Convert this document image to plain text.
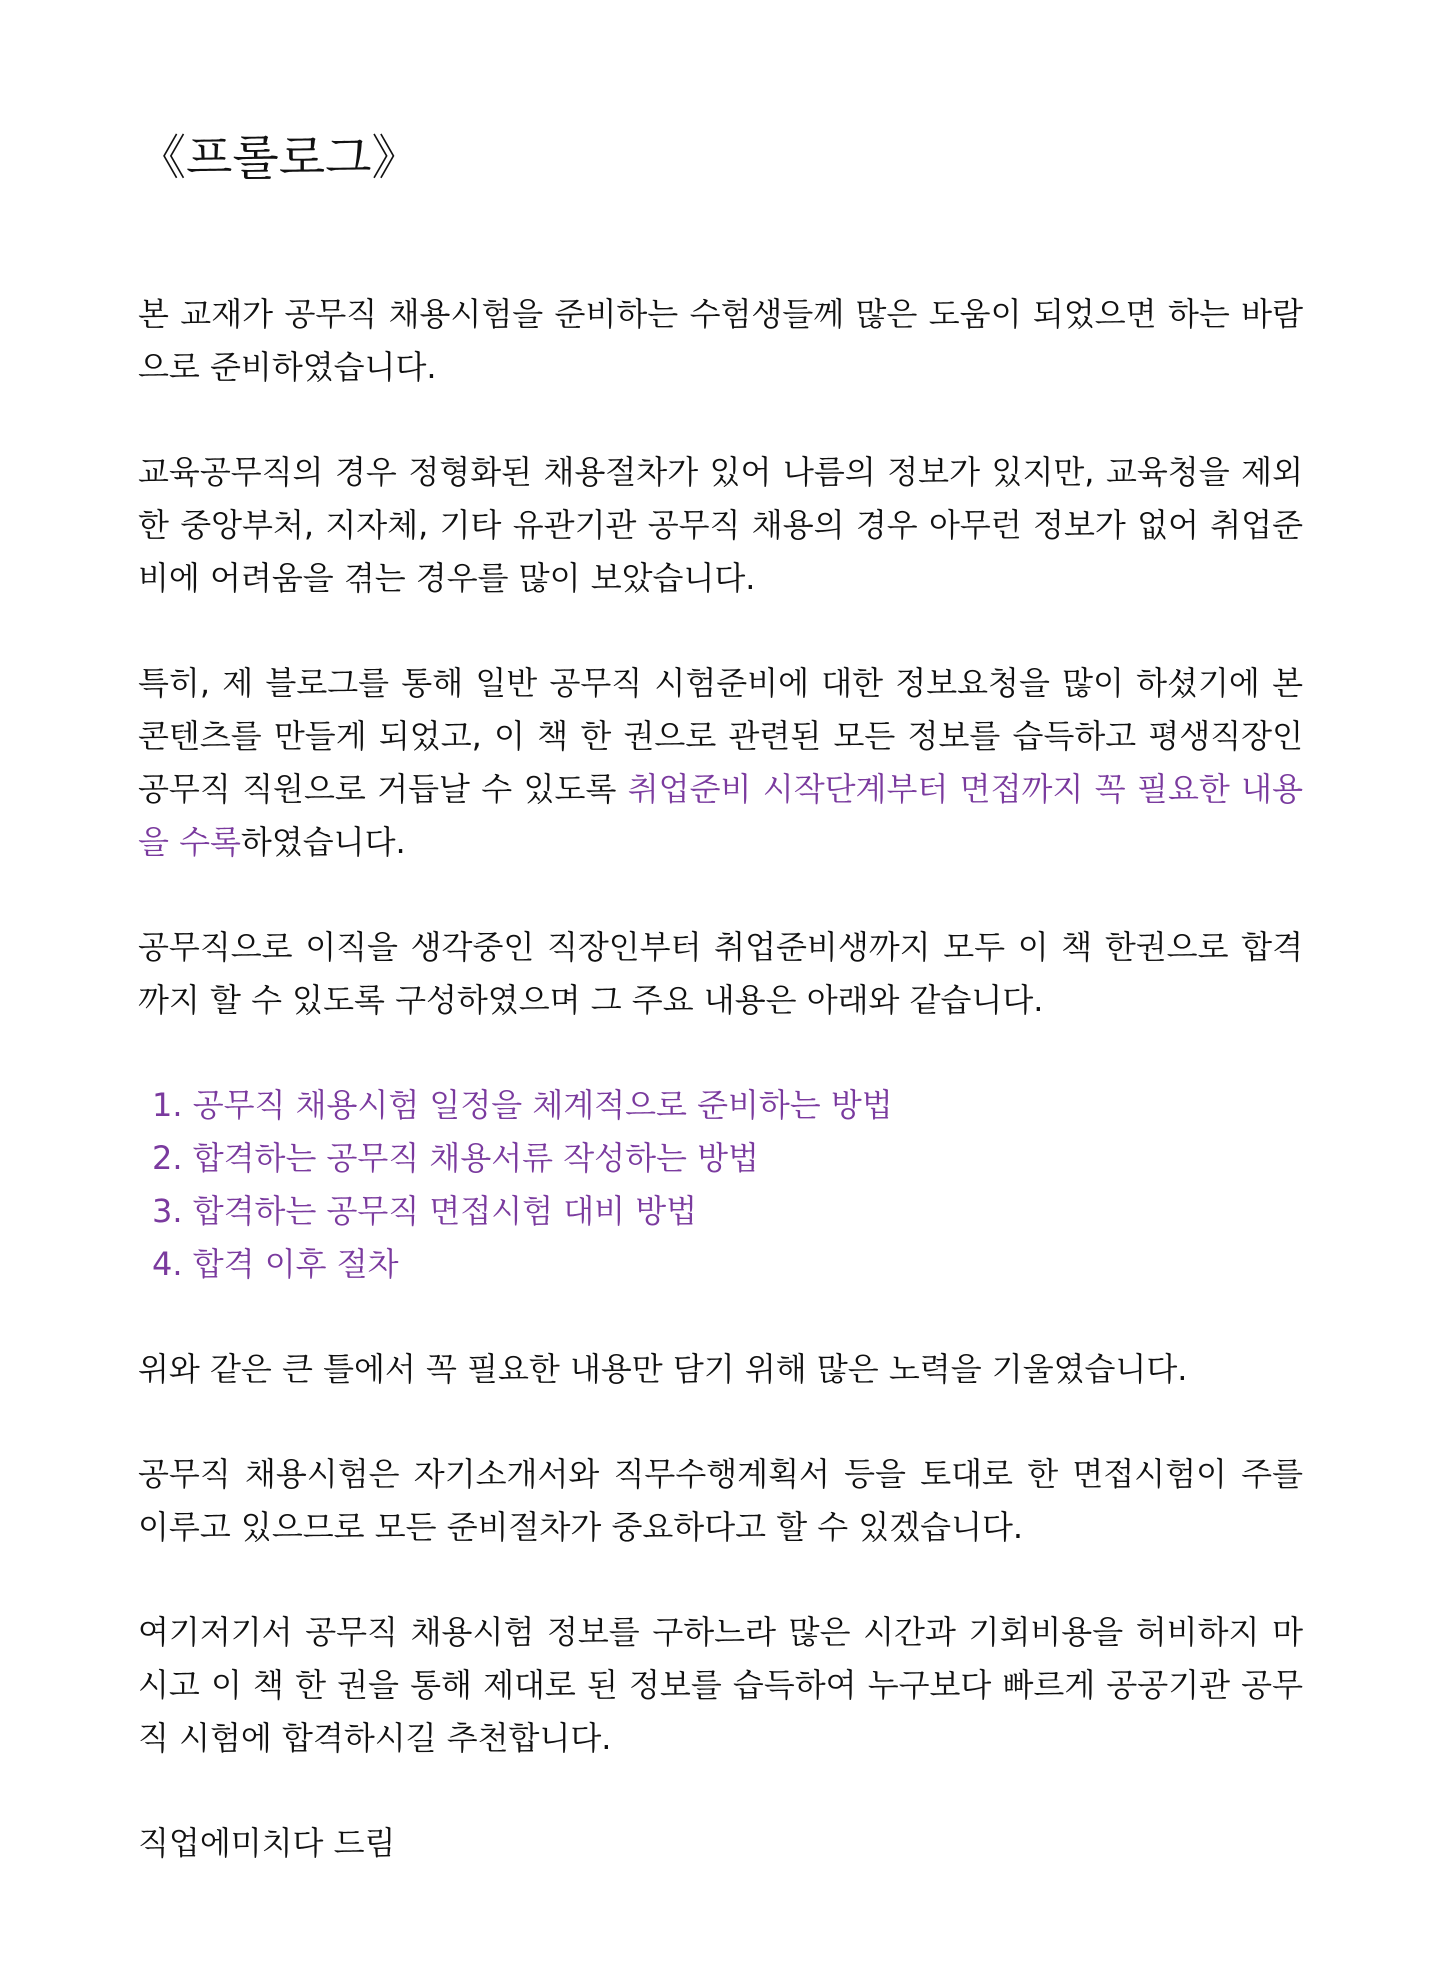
《프롤로그》

본 교재가 공무직 채용시험을 준비하는 수험생들께 많은 도움이 되었으면 하는 바람으로 준비하였습니다.

교육공무직의 경우 정형화된 채용절차가 있어 나름의 정보가 있지만, 교육청을 제외한 중앙부처, 지자체, 기타 유관기관 공무직 채용의 경우 아무런 정보가 없어 취업준비에 어려움을 겪는 경우를 많이 보았습니다.

특히, 제 블로그를 통해 일반 공무직 시험준비에 대한 정보요청을 많이 하셨기에 본 콘텐츠를 만들게 되었고, 이 책 한 권으로 관련된 모든 정보를 습득하고 평생직장인 공무직 직원으로 거듭날 수 있도록 취업준비 시작단계부터 면접까지 꼭 필요한 내용을 수록하였습니다.

공무직으로 이직을 생각중인 직장인부터 취업준비생까지 모두 이 책 한권으로 합격까지 할 수 있도록 구성하였으며 그 주요 내용은 아래와 같습니다.

1. 공무직 채용시험 일정을 체계적으로 준비하는 방법
2. 합격하는 공무직 채용서류 작성하는 방법
3. 합격하는 공무직 면접시험 대비 방법
4. 합격 이후 절차

위와 같은 큰 틀에서 꼭 필요한 내용만 담기 위해 많은 노력을 기울였습니다.

공무직 채용시험은 자기소개서와 직무수행계획서 등을 토대로 한 면접시험이 주를 이루고 있으므로 모든 준비절차가 중요하다고 할 수 있겠습니다.

여기저기서 공무직 채용시험 정보를 구하느라 많은 시간과 기회비용을 허비하지 마시고 이 책 한 권을 통해 제대로 된 정보를 습득하여 누구보다 빠르게 공공기관 공무직 시험에 합격하시길 추천합니다.

직업에미치다 드림
